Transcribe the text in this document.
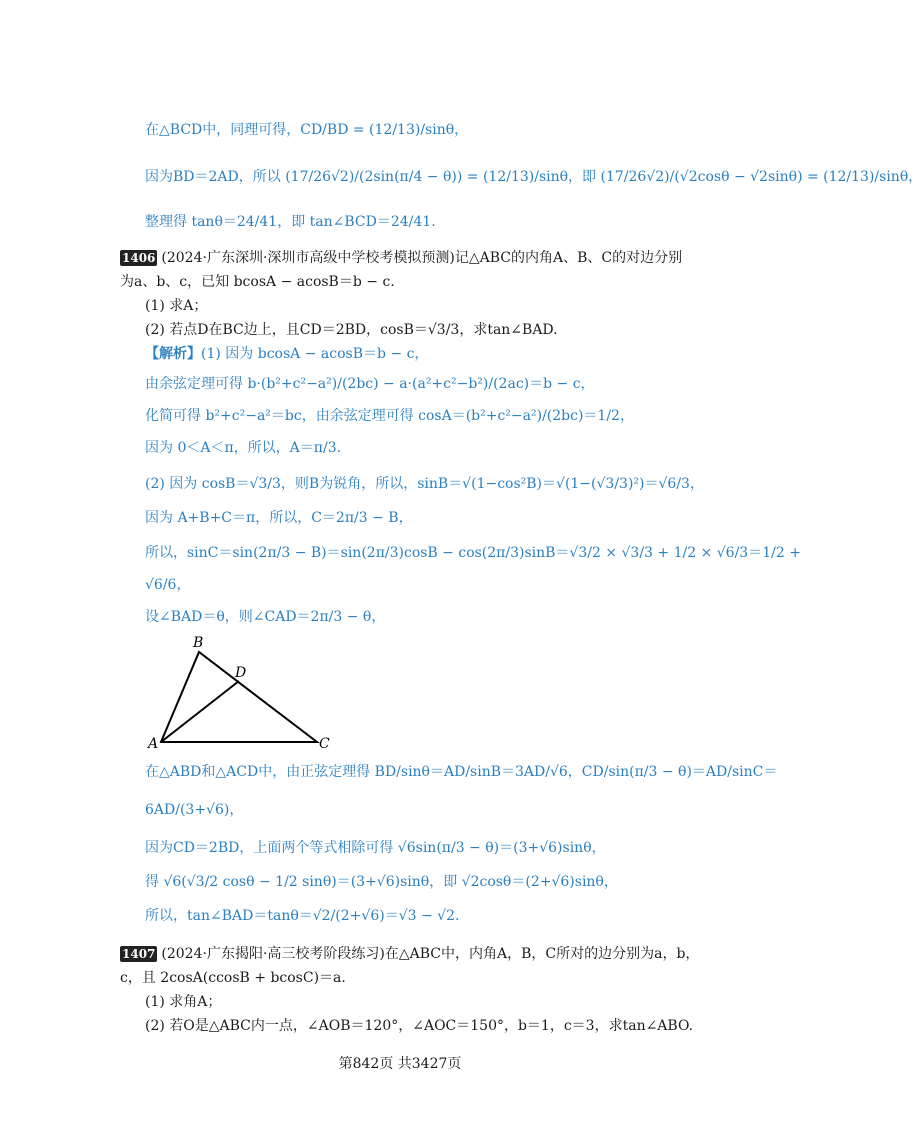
在△BCD中，同理可得，CD/BD = (12/13)/sinθ，
因为BD＝2AD，所以 (17/26√2)/(2sin(π/4 − θ)) = (12/13)/sinθ，即 (17/26√2)/(√2cosθ − √2sinθ) = (12/13)/sinθ，
整理得 tanθ＝24/41，即 tan∠BCD＝24/41.
1406 (2024·广东深圳·深圳市高级中学校考模拟预测)记△ABC的内角A、B、C的对边分别
为a、b、c，已知 bcosA − acosB＝b − c.
(1) 求A；
(2) 若点D在BC边上，且CD＝2BD，cosB＝√3/3，求tan∠BAD.
【解析】(1) 因为 bcosA − acosB＝b − c，
由余弦定理可得 b·(b²+c²−a²)/(2bc) − a·(a²+c²−b²)/(2ac)＝b − c，
化简可得 b²+c²−a²＝bc，由余弦定理可得 cosA＝(b²+c²−a²)/(2bc)＝1/2，
因为 0＜A＜π，所以，A＝π/3.
(2) 因为 cosB＝√3/3，则B为锐角，所以，sinB＝√(1−cos²B)＝√(1−(√3/3)²)＝√6/3，
因为 A+B+C＝π，所以，C＝2π/3 − B，
所以，sinC＝sin(2π/3 − B)＝sin(2π/3)cosB − cos(2π/3)sinB＝√3/2 × √3/3 + 1/2 × √6/3＝1/2 +
√6/6，
设∠BAD＝θ，则∠CAD＝2π/3 − θ，
B
D
A	C
在△ABD和△ACD中，由正弦定理得 BD/sinθ＝AD/sinB＝3AD/√6，CD/sin(π/3 − θ)＝AD/sinC＝
6AD/(3+√6)，
因为CD＝2BD，上面两个等式相除可得 √6sin(π/3 − θ)＝(3+√6)sinθ，
得 √6(√3/2 cosθ − 1/2 sinθ)＝(3+√6)sinθ，即 √2cosθ＝(2+√6)sinθ，
所以，tan∠BAD＝tanθ＝√2/(2+√6)＝√3 − √2.
1407 (2024·广东揭阳·高三校考阶段练习)在△ABC中，内角A，B，C所对的边分别为a，b，
c，且 2cosA(ccosB + bcosC)＝a.
(1) 求角A；
(2) 若O是△ABC内一点，∠AOB＝120°，∠AOC＝150°，b＝1，c＝3，求tan∠ABO.
第842页 共3427页
